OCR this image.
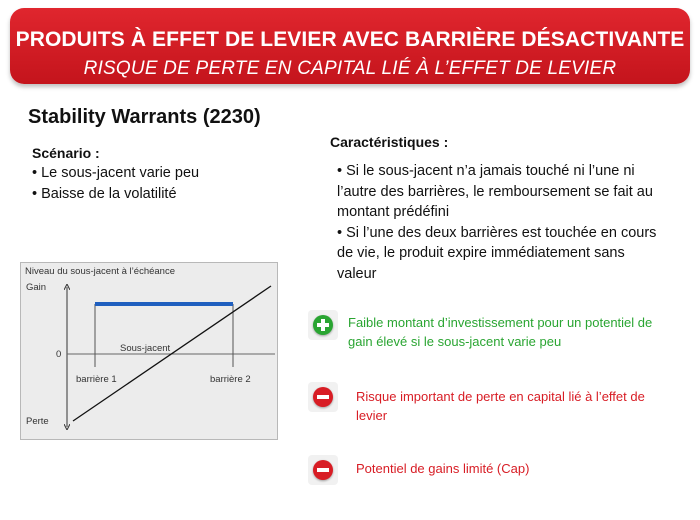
PRODUITS À EFFET DE LEVIER AVEC BARRIÈRE DÉSACTIVANTE
RISQUE DE PERTE EN CAPITAL LIÉ À L’EFFET DE LEVIER
Stability Warrants (2230)
Scénario :
• Le sous-jacent varie peu
• Baisse de la volatilité
Caractéristiques :
• Si le sous-jacent n’a jamais touché ni l’une ni
l’autre des barrières, le remboursement se fait au
montant prédéfini
• Si l’une des deux barrières est touchée en cours
de vie, le produit expire immédiatement sans
valeur
Niveau du sous-jacent à l’échéance
Gain
0
Perte
Sous-jacent
barrière 1	barrière 2
Faible montant d’investissement pour un potentiel de
gain élevé si le sous-jacent varie peu
Risque important de perte en capital lié à l’effet de
levier
Potentiel de gains limité (Cap)
